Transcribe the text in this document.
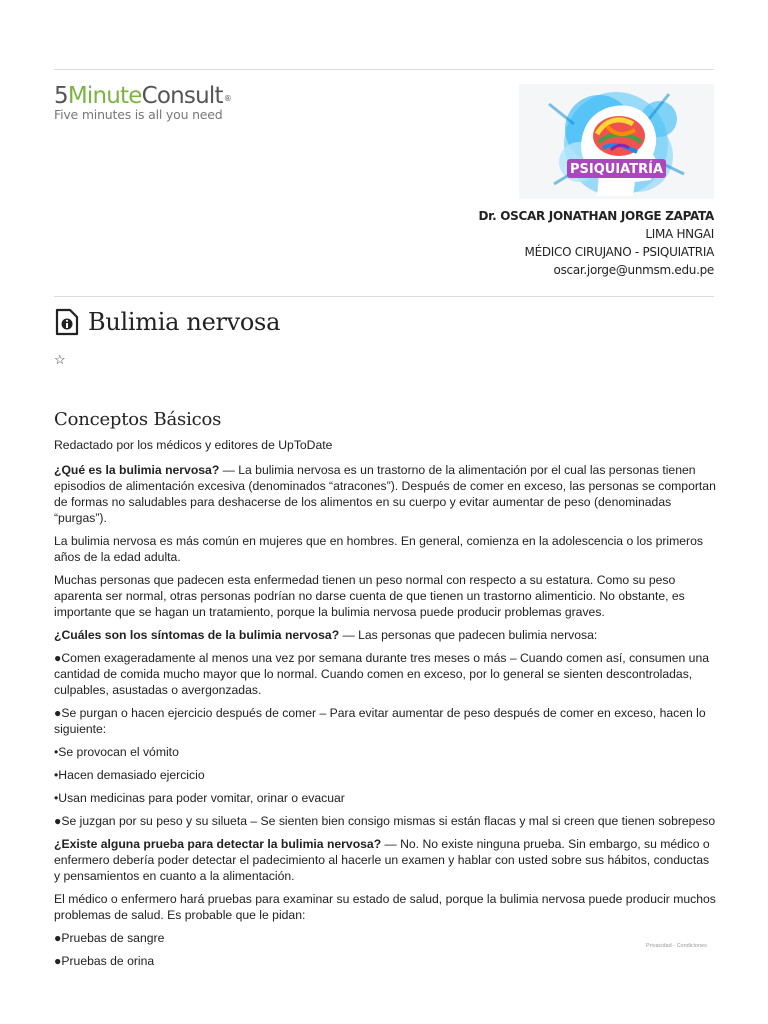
5MinuteConsult®
Five minutes is all you need
PSIQUIATRÍA
Dr. OSCAR JONATHAN JORGE ZAPATA
LIMA HNGAI
MÉDICO CIRUJANO - PSIQUIATRIA
oscar.jorge@unmsm.edu.pe
Bulimia nervosa
☆
Conceptos Básicos

Redactado por los médicos y editores de UpToDate

¿Qué es la bulimia nervosa? — La bulimia nervosa es un trastorno de la alimentación por el cual las personas tienen episodios de alimentación excesiva (denominados “atracones”). Después de comer en exceso, las personas se comportan de formas no saludables para deshacerse de los alimentos en su cuerpo y evitar aumentar de peso (denominadas “purgas”).

La bulimia nervosa es más común en mujeres que en hombres. En general, comienza en la adolescencia o los primeros años de la edad adulta.

Muchas personas que padecen esta enfermedad tienen un peso normal con respecto a su estatura. Como su peso aparenta ser normal, otras personas podrían no darse cuenta de que tienen un trastorno alimenticio. No obstante, es importante que se hagan un tratamiento, porque la bulimia nervosa puede producir problemas graves.

¿Cuáles son los síntomas de la bulimia nervosa? — Las personas que padecen bulimia nervosa:

●Comen exageradamente al menos una vez por semana durante tres meses o más – Cuando comen así, consumen una cantidad de comida mucho mayor que lo normal. Cuando comen en exceso, por lo general se sienten descontroladas, culpables, asustadas o avergonzadas.

●Se purgan o hacen ejercicio después de comer – Para evitar aumentar de peso después de comer en exceso, hacen lo siguiente:

•Se provocan el vómito

•Hacen demasiado ejercicio

•Usan medicinas para poder vomitar, orinar o evacuar

●Se juzgan por su peso y su silueta – Se sienten bien consigo mismas si están flacas y mal si creen que tienen sobrepeso

¿Existe alguna prueba para detectar la bulimia nervosa? — No. No existe ninguna prueba. Sin embargo, su médico o enfermero debería poder detectar el padecimiento al hacerle un examen y hablar con usted sobre sus hábitos, conductas y pensamientos en cuanto a la alimentación.

El médico o enfermero hará pruebas para examinar su estado de salud, porque la bulimia nervosa puede producir muchos problemas de salud. Es probable que le pidan:

●Pruebas de sangre

●Pruebas de orina

Privacidad - Condiciones
